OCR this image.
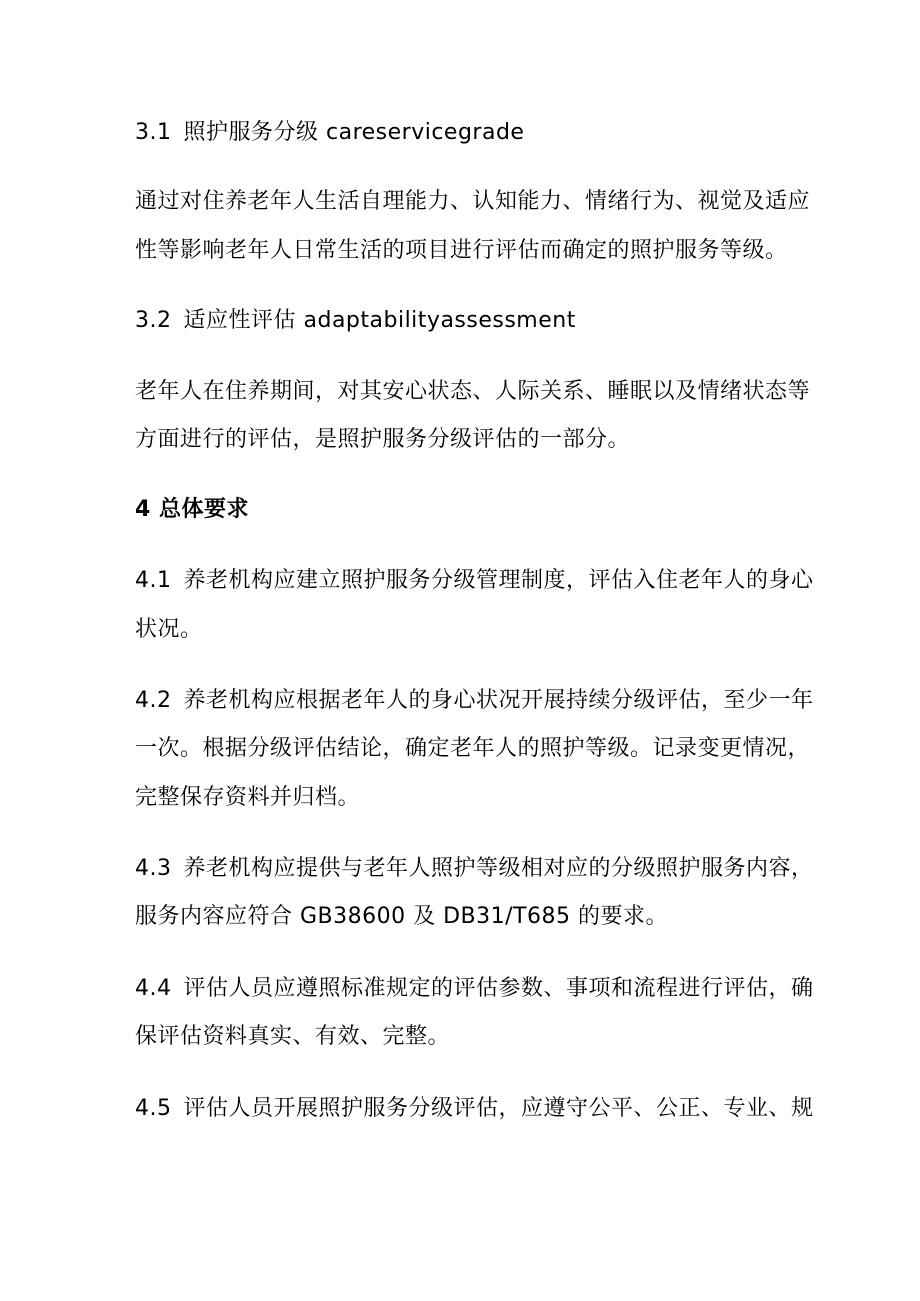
3.1 照护服务分级 careservicegrade
通过对住养老年人生活自理能力、认知能力、情绪行为、视觉及适应
性等影响老年人日常生活的项目进行评估而确定的照护服务等级。
3.2 适应性评估 adaptabilityassessment
老年人在住养期间，对其安心状态、人际关系、睡眠以及情绪状态等
方面进行的评估，是照护服务分级评估的一部分。
4 总体要求
4.1 养老机构应建立照护服务分级管理制度，评估入住老年人的身心
状况。
4.2 养老机构应根据老年人的身心状况开展持续分级评估，至少一年
一次。根据分级评估结论，确定老年人的照护等级。记录变更情况，
完整保存资料并归档。
4.3 养老机构应提供与老年人照护等级相对应的分级照护服务内容，
服务内容应符合 GB38600 及 DB31/T685 的要求。
4.4 评估人员应遵照标准规定的评估参数、事项和流程进行评估，确
保评估资料真实、有效、完整。
4.5 评估人员开展照护服务分级评估，应遵守公平、公正、专业、规
